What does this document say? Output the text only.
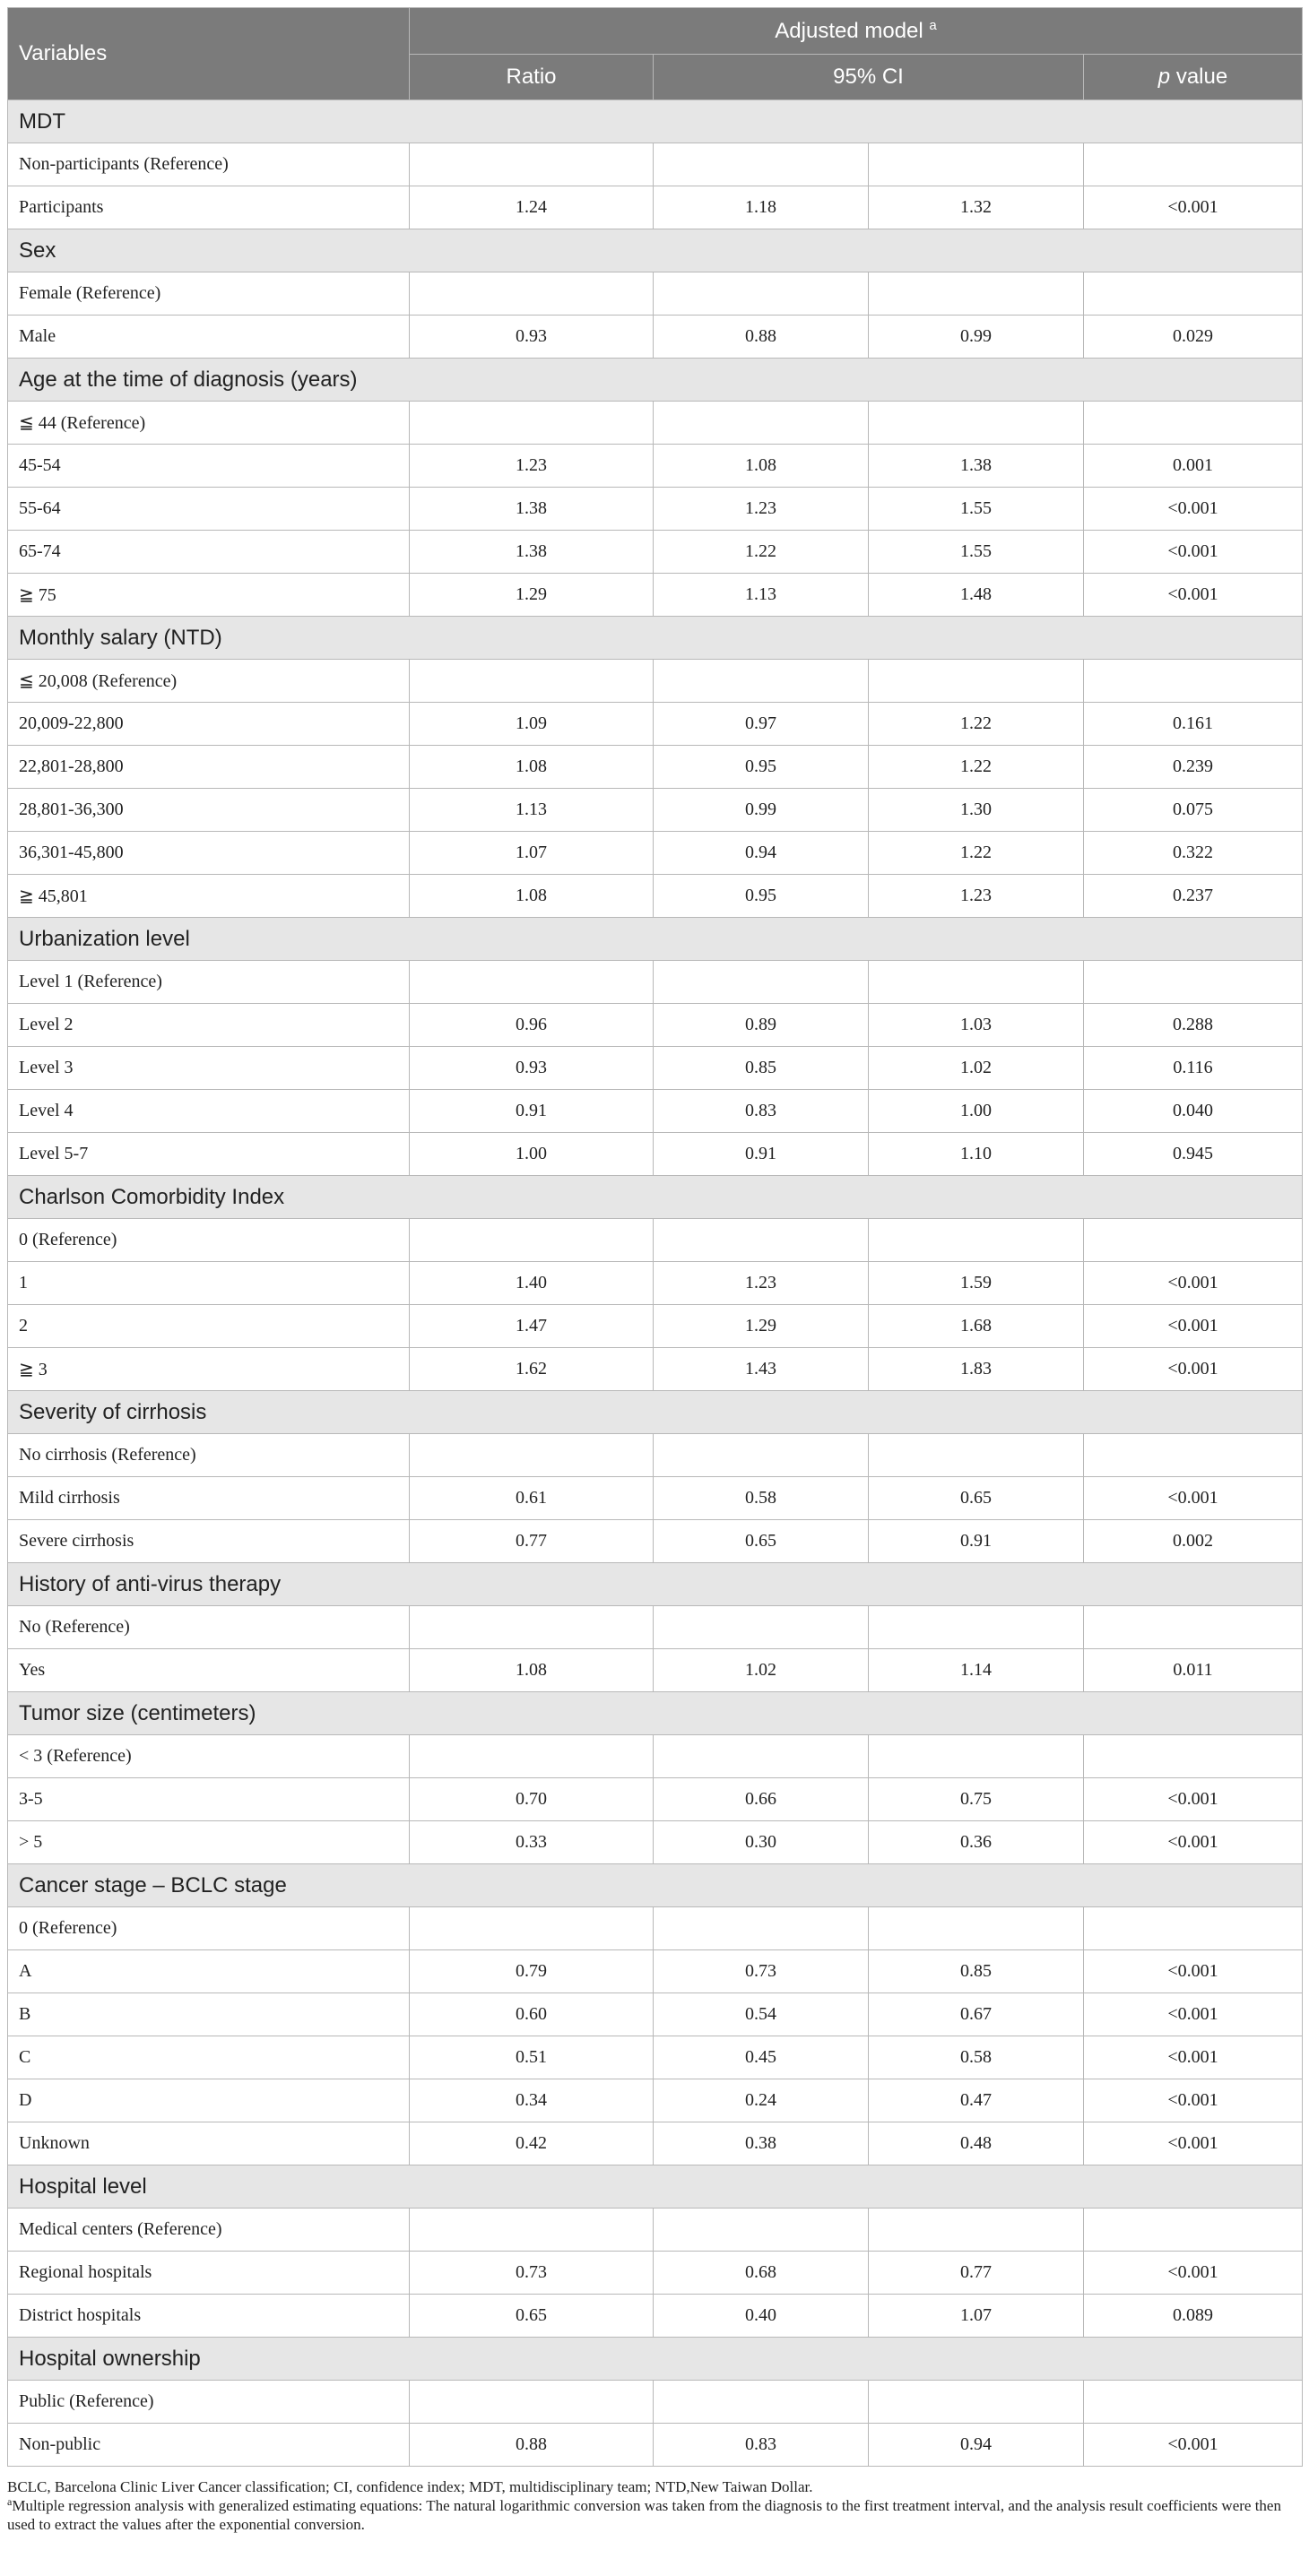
Variables	Adjusted model $^a$
	Ratio	95% CI		p value
MDT				
Non-participants (Reference)				
Participants	1.24	1.18	1.32	<0.001
Sex				
Female (Reference)				
Male	0.93	0.88	0.99	0.029
Age at the time of diagnosis (years)				
≦ 44 (Reference)				
45-54	1.23	1.08	1.38	0.001
55-64	1.38	1.23	1.55	<0.001
65-74	1.38	1.22	1.55	<0.001
≧ 75	1.29	1.13	1.48	<0.001
Monthly salary (NTD)				
≦ 20,008 (Reference)				
20,009-22,800	1.09	0.97	1.22	0.161
22,801-28,800	1.08	0.95	1.22	0.239
28,801-36,300	1.13	0.99	1.30	0.075
36,301-45,800	1.07	0.94	1.22	0.322
≧ 45,801	1.08	0.95	1.23	0.237
Urbanization level				
Level 1 (Reference)				
Level 2	0.96	0.89	1.03	0.288
Level 3	0.93	0.85	1.02	0.116
Level 4	0.91	0.83	1.00	0.040
Level 5-7	1.00	0.91	1.10	0.945
Charlson Comorbidity Index				
0 (Reference)				
1	1.40	1.23	1.59	<0.001
2	1.47	1.29	1.68	<0.001
≧ 3	1.62	1.43	1.83	<0.001
Severity of cirrhosis				
No cirrhosis (Reference)				
Mild cirrhosis	0.61	0.58	0.65	<0.001
Severe cirrhosis	0.77	0.65	0.91	0.002
History of anti-virus therapy				
No (Reference)				
Yes	1.08	1.02	1.14	0.011
Tumor size (centimeters)				
< 3 (Reference)				
3-5	0.70	0.66	0.75	<0.001
> 5	0.33	0.30	0.36	<0.001
Cancer stage – BCLC stage				
0 (Reference)				
A	0.79	0.73	0.85	<0.001
B	0.60	0.54	0.67	<0.001
C	0.51	0.45	0.58	<0.001
D	0.34	0.24	0.47	<0.001
Unknown	0.42	0.38	0.48	<0.001
Hospital level				
Medical centers (Reference)				
Regional hospitals	0.73	0.68	0.77	<0.001
District hospitals	0.65	0.40	1.07	0.089
Hospital ownership				
Public (Reference)				
Non-public	0.88	0.83	0.94	<0.001

BCLC, Barcelona Clinic Liver Cancer classification; CI, confidence index; MDT, multidisciplinary team; NTD,New Taiwan Dollar.

$^a$Multiple regression analysis with generalized estimating equations: The natural logarithmic conversion was taken from the diagnosis to the first treatment interval, and the analysis result coefficients were then used to extract the values after the exponential conversion.
